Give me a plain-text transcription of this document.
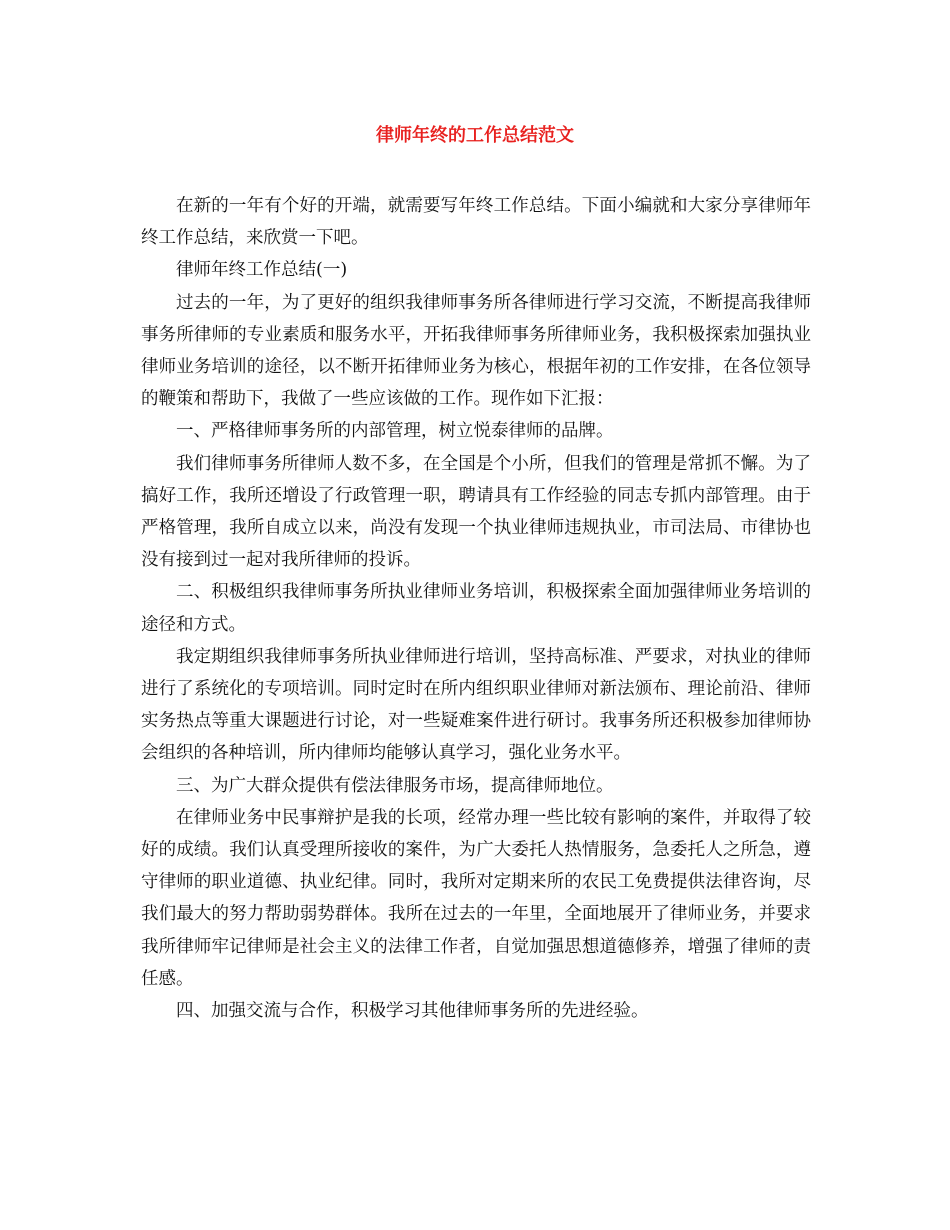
律师年终的工作总结范文

在新的一年有个好的开端，就需要写年终工作总结。下面小编就和大家分享律师年终工作总结，来欣赏一下吧。

律师年终工作总结(一)

过去的一年，为了更好的组织我律师事务所各律师进行学习交流，不断提高我律师事务所律师的专业素质和服务水平，开拓我律师事务所律师业务，我积极探索加强执业律师业务培训的途径，以不断开拓律师业务为核心，根据年初的工作安排，在各位领导的鞭策和帮助下，我做了一些应该做的工作。现作如下汇报：

一、严格律师事务所的内部管理，树立悦泰律师的品牌。

我们律师事务所律师人数不多，在全国是个小所，但我们的管理是常抓不懈。为了搞好工作，我所还增设了行政管理一职，聘请具有工作经验的同志专抓内部管理。由于严格管理，我所自成立以来，尚没有发现一个执业律师违规执业，市司法局、市律协也没有接到过一起对我所律师的投诉。

二、积极组织我律师事务所执业律师业务培训，积极探索全面加强律师业务培训的途径和方式。

我定期组织我律师事务所执业律师进行培训，坚持高标准、严要求，对执业的律师进行了系统化的专项培训。同时定时在所内组织职业律师对新法颁布、理论前沿、律师实务热点等重大课题进行讨论，对一些疑难案件进行研讨。我事务所还积极参加律师协会组织的各种培训，所内律师均能够认真学习，强化业务水平。

三、为广大群众提供有偿法律服务市场，提高律师地位。

在律师业务中民事辩护是我的长项，经常办理一些比较有影响的案件，并取得了较好的成绩。我们认真受理所接收的案件，为广大委托人热情服务，急委托人之所急，遵守律师的职业道德、执业纪律。同时，我所对定期来所的农民工免费提供法律咨询，尽我们最大的努力帮助弱势群体。我所在过去的一年里，全面地展开了律师业务，并要求我所律师牢记律师是社会主义的法律工作者，自觉加强思想道德修养，增强了律师的责任感。

四、加强交流与合作，积极学习其他律师事务所的先进经验。
